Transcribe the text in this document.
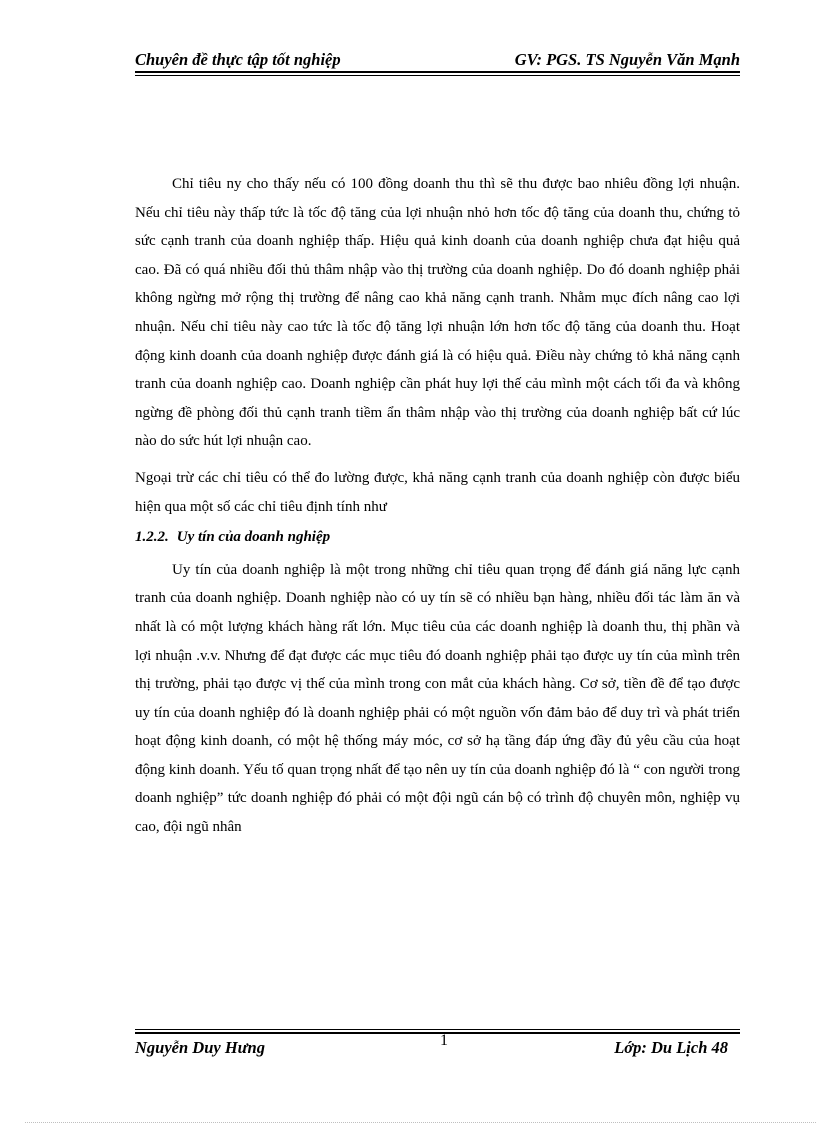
Chuyên đề thực tập tốt nghiệp	GV: PGS. TS Nguyễn Văn Mạnh

Chỉ tiêu ny cho thấy nếu có 100 đồng doanh thu thì sẽ thu được bao nhiêu đồng lợi nhuận. Nếu chỉ tiêu này thấp tức là tốc độ tăng của lợi nhuận nhỏ hơn tốc độ tăng của doanh thu, chứng tỏ sức cạnh tranh của doanh nghiệp thấp. Hiệu quả kinh doanh của doanh nghiệp chưa đạt hiệu quả cao. Đã có quá nhiều đối thủ thâm nhập vào thị trường của doanh nghiệp. Do đó doanh nghiệp phải không ngừng mở rộng thị trường để nâng cao khả năng cạnh tranh. Nhằm mục đích nâng cao lợi nhuận. Nếu chỉ tiêu này cao tức là tốc độ tăng lợi nhuận lớn hơn tốc độ tăng của doanh thu. Hoạt động kinh doanh của doanh nghiệp được đánh giá là có hiệu quả. Điều này chứng tỏ khả năng cạnh tranh của doanh nghiệp cao. Doanh nghiệp cần phát huy lợi thế cảu mình một cách tối đa và không ngừng đề phòng đối thủ cạnh tranh tiềm ẩn thâm nhập vào thị trường của doanh nghiệp bất cứ lúc nào do sức hút lợi nhuận cao.

Ngoại trừ các chỉ tiêu có thể đo lường được, khả năng cạnh tranh của doanh nghiệp còn được biểu hiện qua một số các chỉ tiêu định tính như

1.2.2. Uy tín của doanh nghiệp

Uy tín của doanh nghiệp là một trong những chỉ tiêu quan trọng để đánh giá năng lực cạnh tranh của doanh nghiệp. Doanh nghiệp nào có uy tín sẽ có nhiều bạn hàng, nhiều đối tác làm ăn và nhất là có một lượng khách hàng rất lớn. Mục tiêu của các doanh nghiệp là doanh thu, thị phần và lợi nhuận .v.v. Nhưng để đạt được các mục tiêu đó doanh nghiệp phải tạo được uy tín của mình trên thị trường, phải tạo được vị thế của mình trong con mắt của khách hàng. Cơ sở, tiền đề để tạo được uy tín của doanh nghiệp đó là doanh nghiệp phải có một nguồn vốn đảm bảo để duy trì và phát triển hoạt động kinh doanh, có một hệ thống máy móc, cơ sở hạ tầng đáp ứng đầy đủ yêu cầu của hoạt động kinh doanh. Yếu tố quan trọng nhất để tạo nên uy tín của doanh nghiệp đó là “ con người trong doanh nghiệp” tức doanh nghiệp đó phải có một đội ngũ cán bộ có trình độ chuyên môn, nghiệp vụ cao, đội ngũ nhân

Nguyễn Duy Hưng	1	Lớp: Du Lịch 48
